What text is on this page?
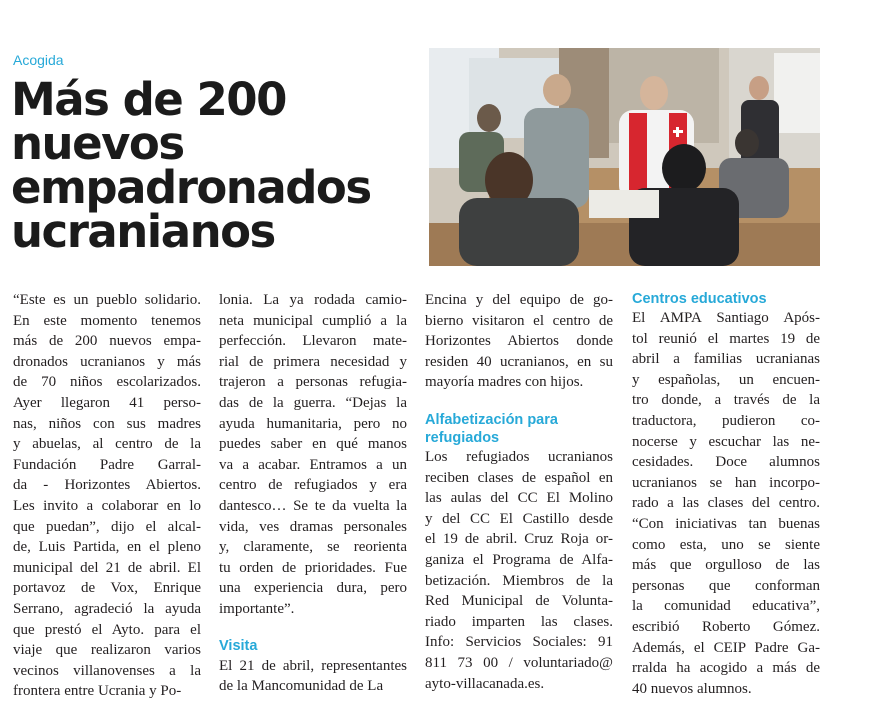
Acogida
Más de 200
nuevos
empadronados
ucranianos
“Este es un pueblo solidario.
En este momento tenemos
más de 200 nuevos empa-
dronados ucranianos y más
de 70 niños escolarizados.
Ayer llegaron 41 perso-
nas, niños con sus madres
y abuelas, al centro de la
Fundación Padre Garral-
da - Horizontes Abiertos.
Les invito a colaborar en lo
que puedan”, dijo el alcal-
de, Luis Partida, en el pleno
municipal del 21 de abril. El
portavoz de Vox, Enrique
Serrano, agradeció la ayuda
que prestó el Ayto. para el
viaje que realizaron varios
vecinos villanovenses a la
frontera entre Ucrania y Po-
lonia. La ya rodada camio-
neta municipal cumplió a la
perfección. Llevaron mate-
rial de primera necesidad y
trajeron a personas refugia-
das de la guerra. “Dejas la
ayuda humanitaria, pero no
puedes saber en qué manos
va a acabar. Entramos a un
centro de refugiados y era
dantesco… Se te da vuelta la
vida, ves dramas personales
y, claramente, se reorienta
tu orden de prioridades. Fue
una experiencia dura, pero
importante”.
Visita
El 21 de abril, representantes
de la Mancomunidad de La
Encina y del equipo de go-
bierno visitaron el centro de
Horizontes Abiertos donde
residen 40 ucranianos, en su
mayoría madres con hijos.
Alfabetización para
refugiados
Los refugiados ucranianos
reciben clases de español en
las aulas del CC El Molino
y del CC El Castillo desde
el 19 de abril. Cruz Roja or-
ganiza el Programa de Alfa-
betización. Miembros de la
Red Municipal de Volunta-
riado imparten las clases.
Info: Servicios Sociales: 91
811 73 00 / voluntariado@
ayto-villacanada.es.
Centros educativos
El AMPA Santiago Após-
tol reunió el martes 19 de
abril a familias ucranianas
y españolas, un encuen-
tro donde, a través de la
traductora, pudieron co-
nocerse y escuchar las ne-
cesidades. Doce alumnos
ucranianos se han incorpo-
rado a las clases del centro.
“Con iniciativas tan buenas
como esta, uno se siente
más que orgulloso de las
personas que conforman
la comunidad educativa”,
escribió Roberto Gómez.
Además, el CEIP Padre Ga-
rralda ha acogido a más de
40 nuevos alumnos.
